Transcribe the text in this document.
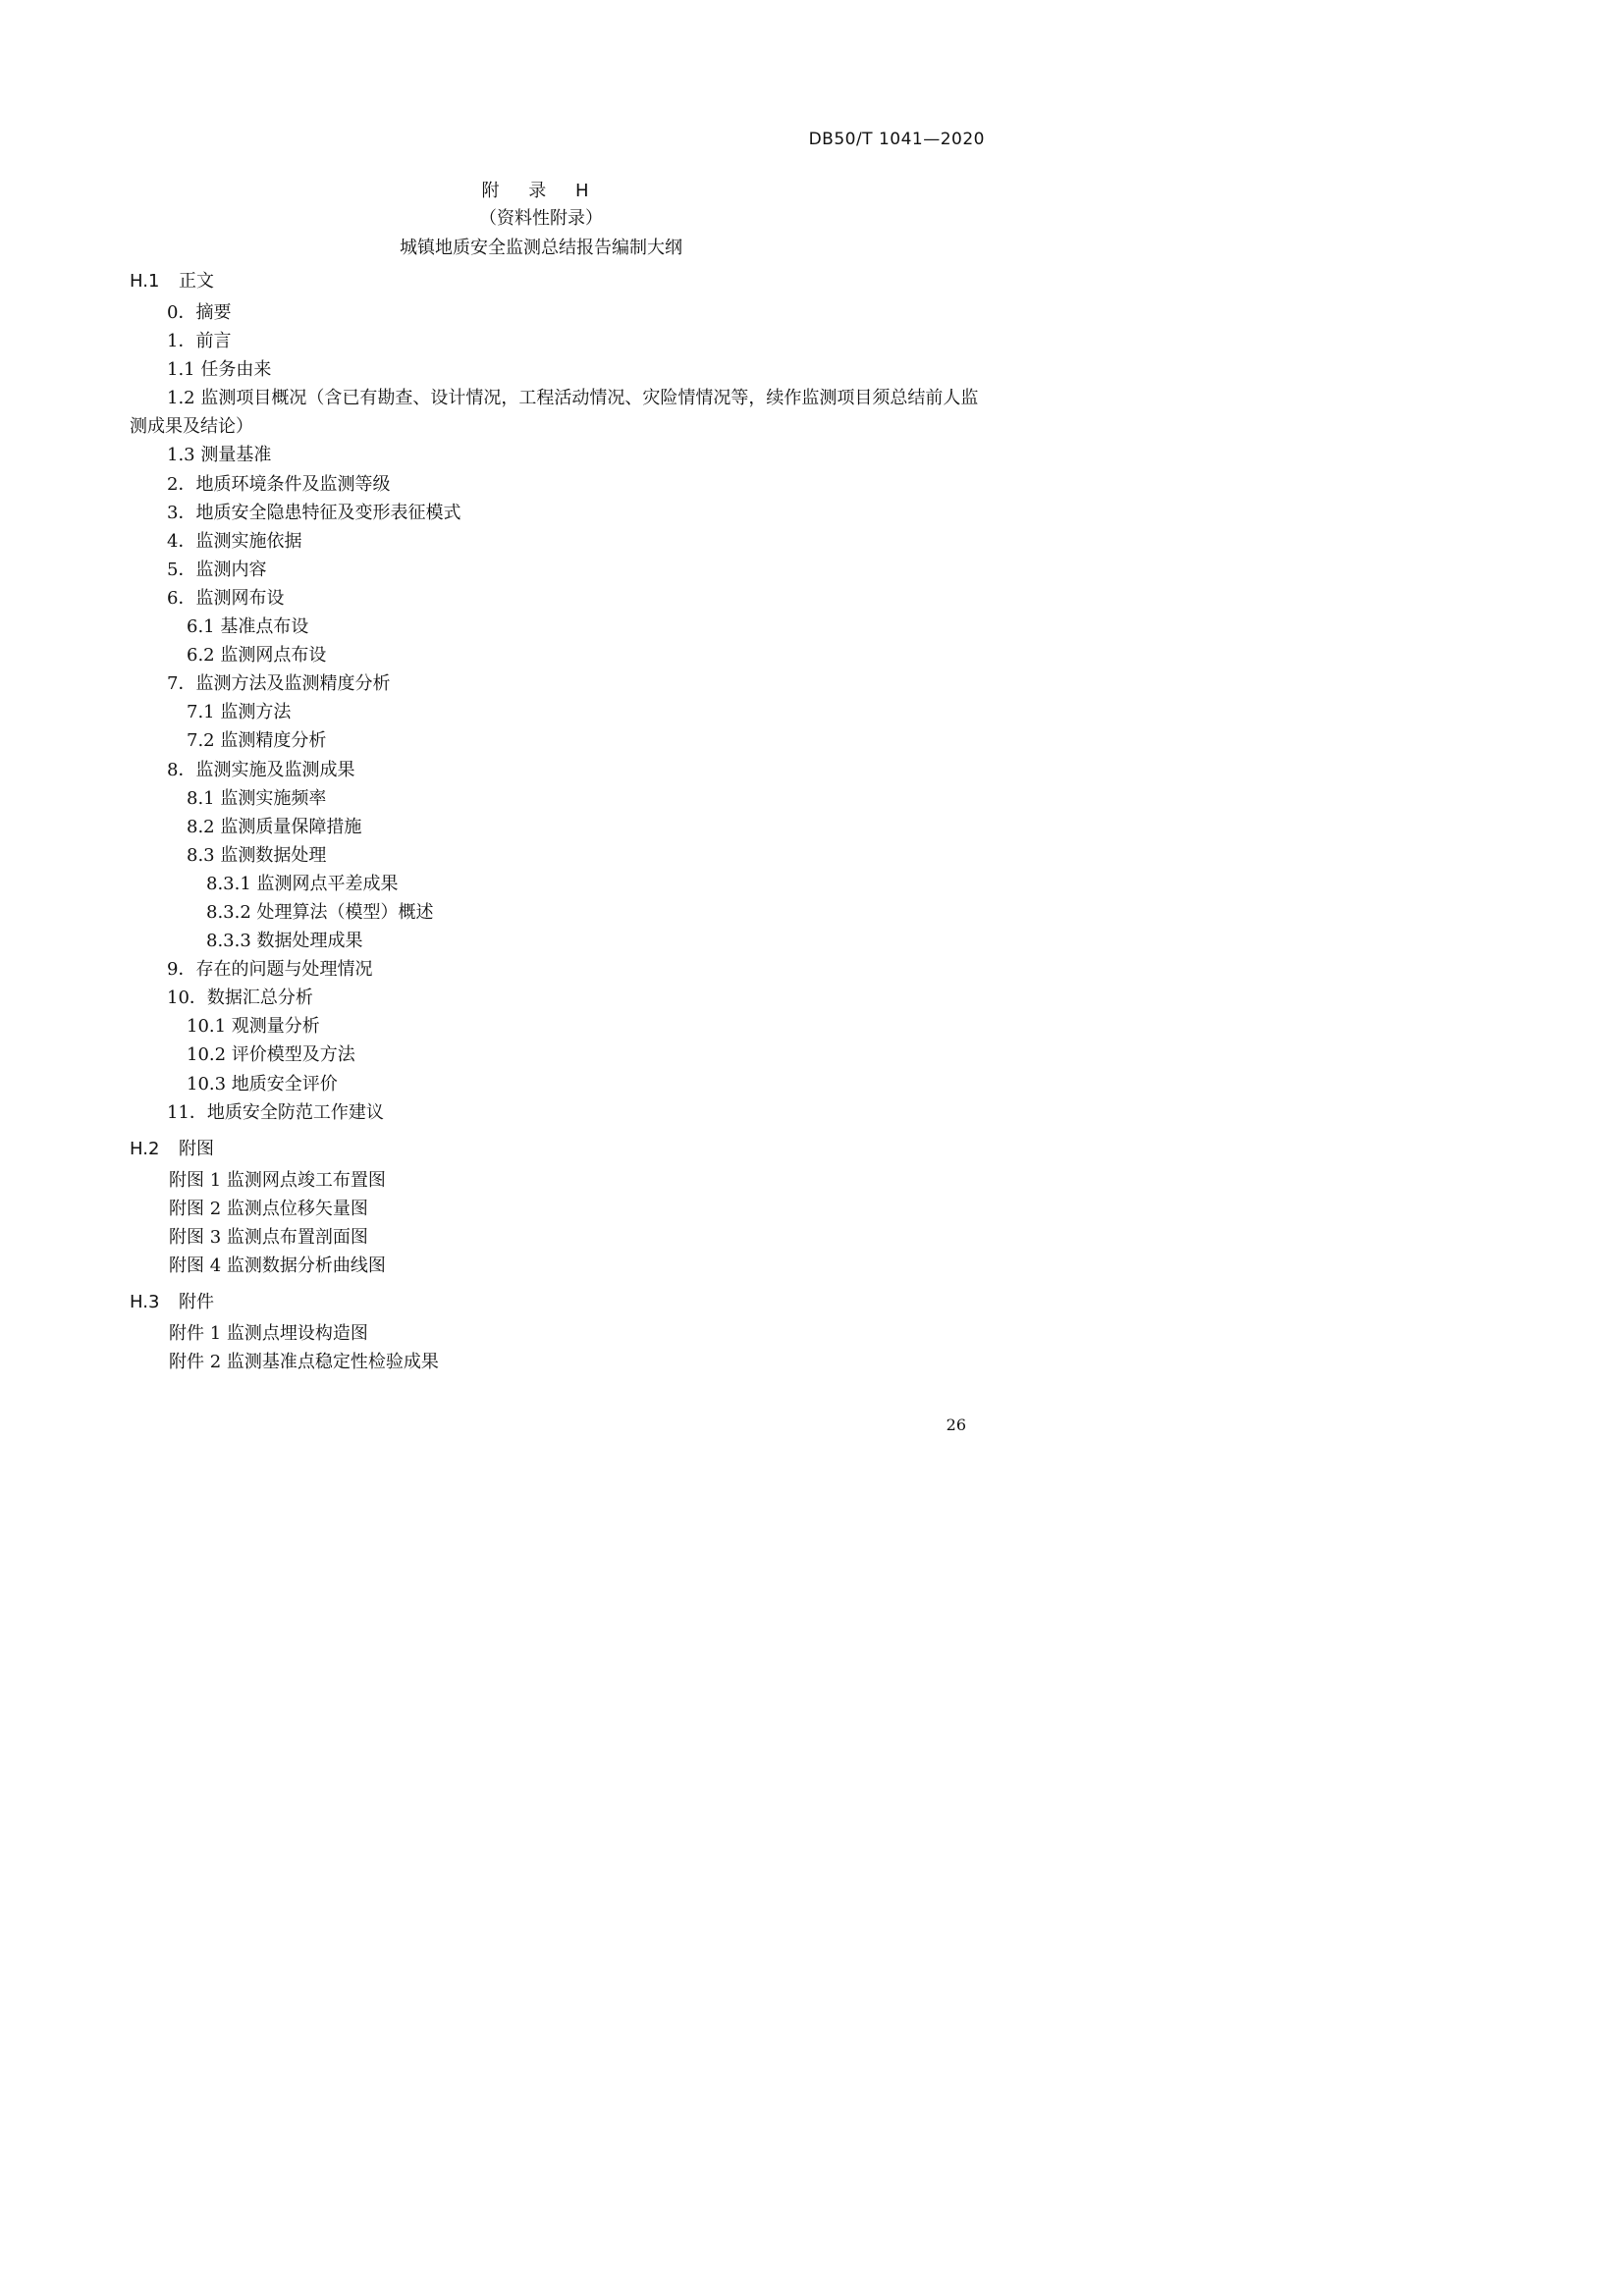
DB50/T 1041—2020
附 录 H
（资料性附录）
城镇地质安全监测总结报告编制大纲
H.1 正文
0．摘要
1．前言
1.1 任务由来
1.2 监测项目概况（含已有勘查、设计情况，工程活动情况、灾险情情况等，续作监测项目须总结前人监测成果及结论）
1.3 测量基准
2．地质环境条件及监测等级
3．地质安全隐患特征及变形表征模式
4．监测实施依据
5．监测内容
6．监测网布设
6.1 基准点布设
6.2 监测网点布设
7．监测方法及监测精度分析
7.1 监测方法
7.2 监测精度分析
8．监测实施及监测成果
8.1 监测实施频率
8.2 监测质量保障措施
8.3 监测数据处理
8.3.1 监测网点平差成果
8.3.2 处理算法（模型）概述
8.3.3 数据处理成果
9．存在的问题与处理情况
10．数据汇总分析
10.1 观测量分析
10.2 评价模型及方法
10.3 地质安全评价
11．地质安全防范工作建议
H.2 附图
附图 1 监测网点竣工布置图
附图 2 监测点位移矢量图
附图 3 监测点布置剖面图
附图 4 监测数据分析曲线图
H.3 附件
附件 1 监测点埋设构造图
附件 2 监测基准点稳定性检验成果
26
